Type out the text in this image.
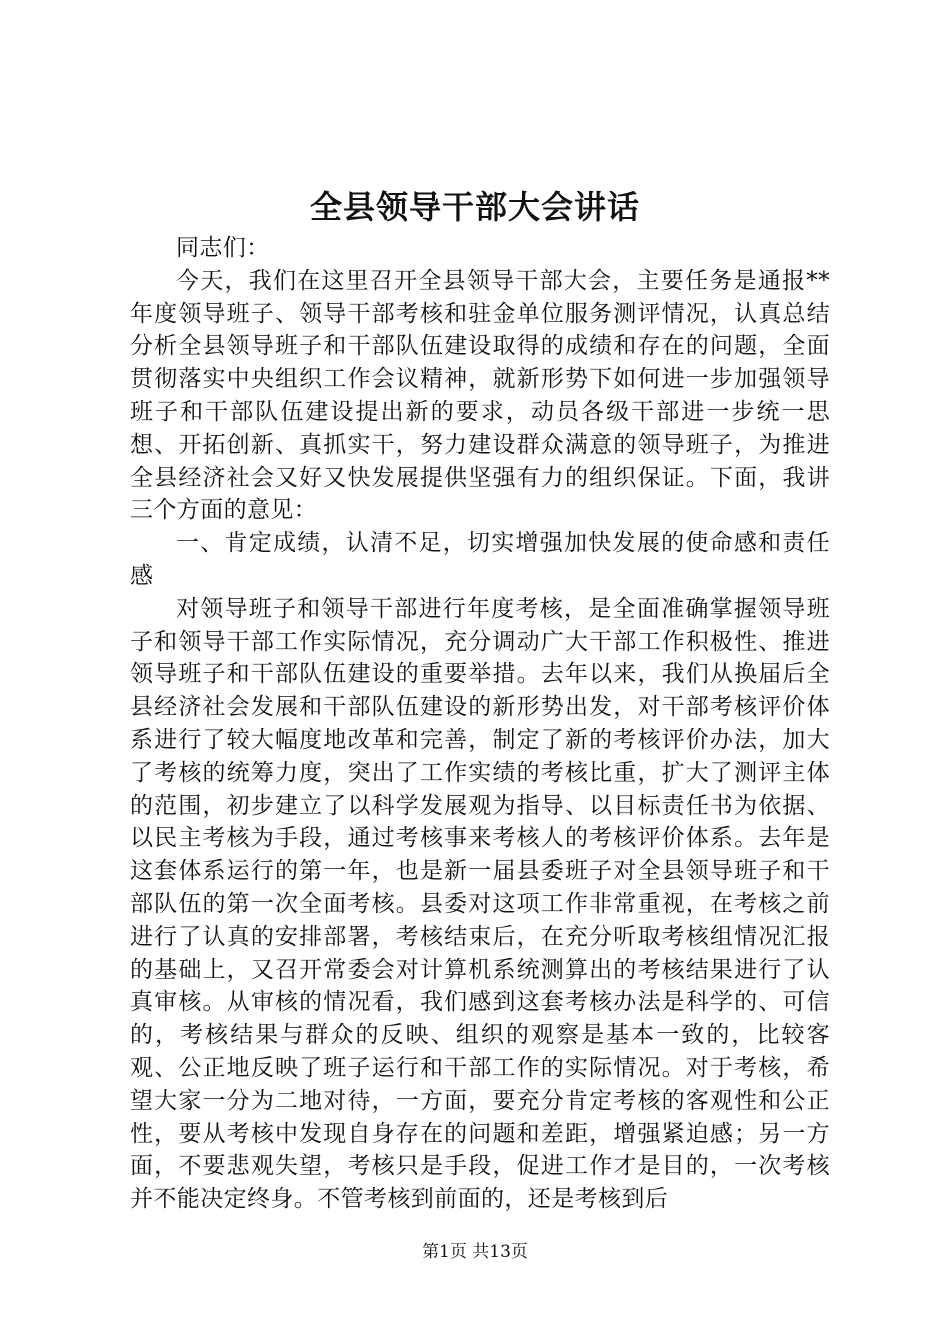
全县领导干部大会讲话

同志们：

今天，我们在这里召开全县领导干部大会，主要任务是通报**年度领导班子、领导干部考核和驻金单位服务测评情况，认真总结分析全县领导班子和干部队伍建设取得的成绩和存在的问题，全面贯彻落实中央组织工作会议精神，就新形势下如何进一步加强领导班子和干部队伍建设提出新的要求，动员各级干部进一步统一思想、开拓创新、真抓实干，努力建设群众满意的领导班子，为推进全县经济社会又好又快发展提供坚强有力的组织保证。下面，我讲三个方面的意见：

一、肯定成绩，认清不足，切实增强加快发展的使命感和责任感

对领导班子和领导干部进行年度考核，是全面准确掌握领导班子和领导干部工作实际情况，充分调动广大干部工作积极性、推进领导班子和干部队伍建设的重要举措。去年以来，我们从换届后全县经济社会发展和干部队伍建设的新形势出发，对干部考核评价体系进行了较大幅度地改革和完善，制定了新的考核评价办法，加大了考核的统筹力度，突出了工作实绩的考核比重，扩大了测评主体的范围，初步建立了以科学发展观为指导、以目标责任书为依据、以民主考核为手段，通过考核事来考核人的考核评价体系。去年是这套体系运行的第一年，也是新一届县委班子对全县领导班子和干部队伍的第一次全面考核。县委对这项工作非常重视，在考核之前进行了认真的安排部署，考核结束后，在充分听取考核组情况汇报的基础上，又召开常委会对计算机系统测算出的考核结果进行了认真审核。从审核的情况看，我们感到这套考核办法是科学的、可信的，考核结果与群众的反映、组织的观察是基本一致的，比较客观、公正地反映了班子运行和干部工作的实际情况。对于考核，希望大家一分为二地对待，一方面，要充分肯定考核的客观性和公正性，要从考核中发现自身存在的问题和差距，增强紧迫感；另一方面，不要悲观失望，考核只是手段，促进工作才是目的，一次考核并不能决定终身。不管考核到前面的，还是考核到后

第1页 共13页
